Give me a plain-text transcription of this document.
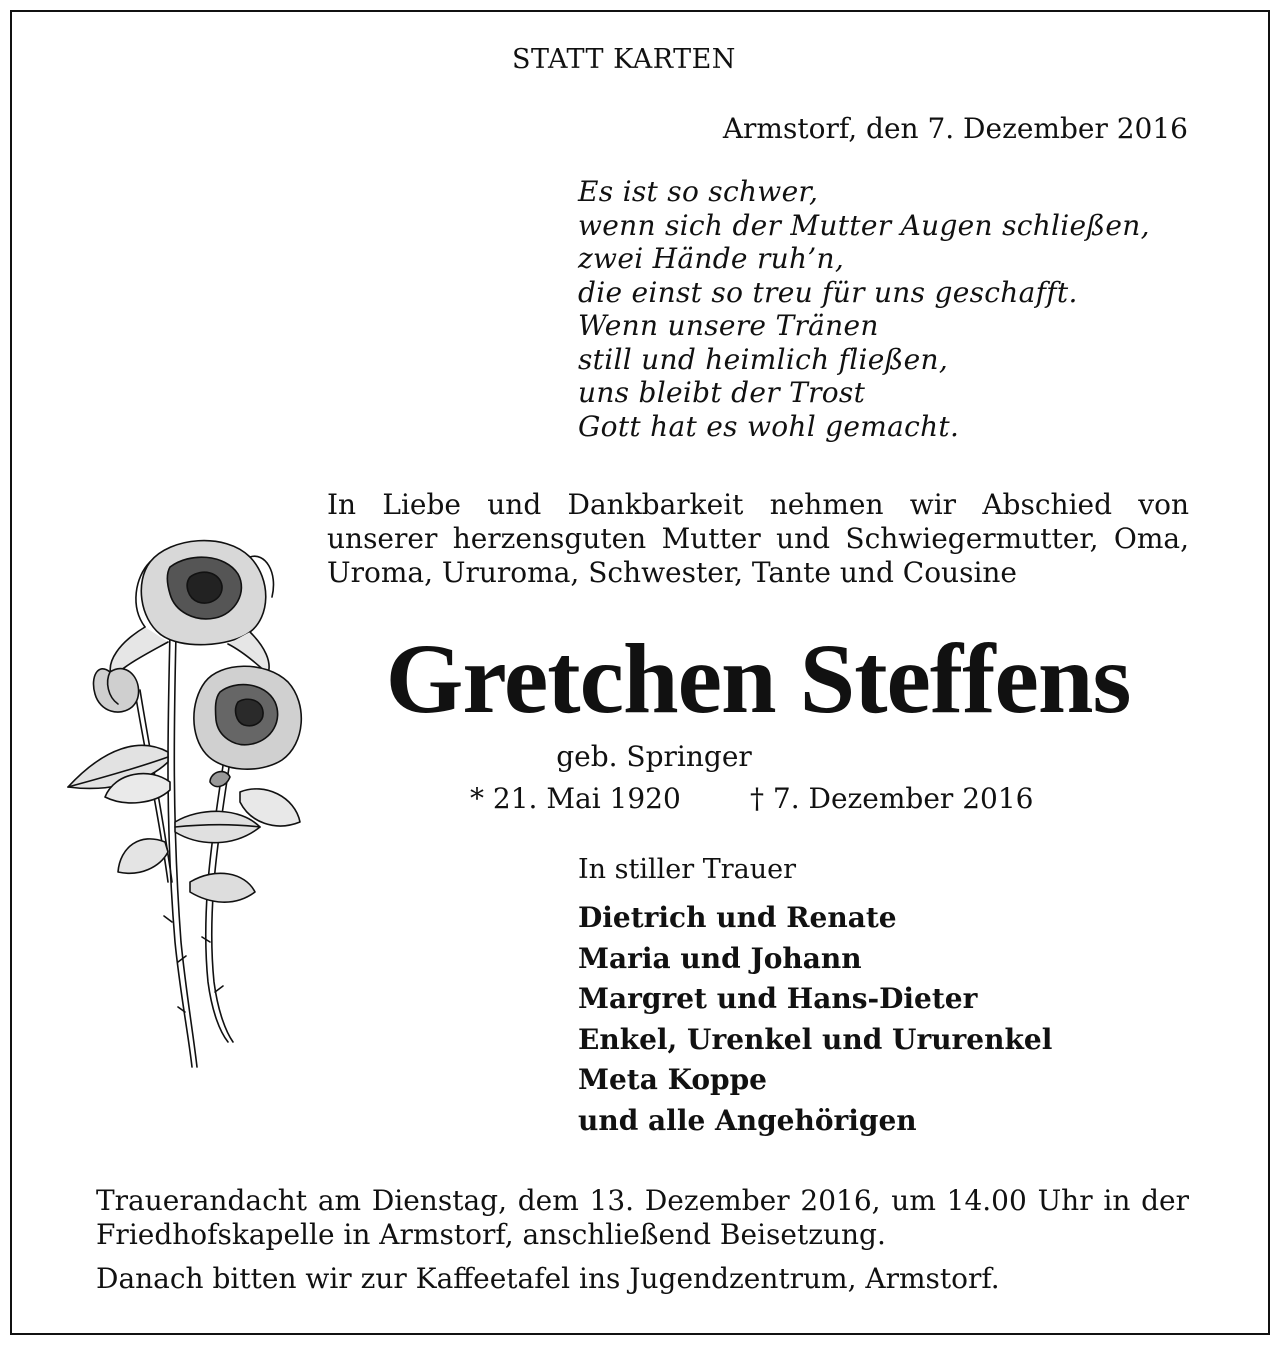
STATT KARTEN
Armstorf, den 7. Dezember 2016
Es ist so schwer,
wenn sich der Mutter Augen schließen,
zwei Hände ruh’n,
die einst so treu für uns geschafft.
Wenn unsere Tränen
still und heimlich fließen,
uns bleibt der Trost
Gott hat es wohl gemacht.
In Liebe und Dankbarkeit nehmen wir Abschied von
unserer herzensguten Mutter und Schwiegermutter, Oma,
Uroma, Ururoma, Schwester, Tante und Cousine
Gretchen Steffens
geb. Springer
* 21. Mai 1920 † 7. Dezember 2016
In stiller Trauer
Dietrich und Renate
Maria und Johann
Margret und Hans-Dieter
Enkel, Urenkel und Ururenkel
Meta Koppe
und alle Angehörigen
Trauerandacht am Dienstag, dem 13. Dezember 2016, um 14.00 Uhr in der
Friedhofskapelle in Armstorf, anschließend Beisetzung.
Danach bitten wir zur Kaffeetafel ins Jugendzentrum, Armstorf.
